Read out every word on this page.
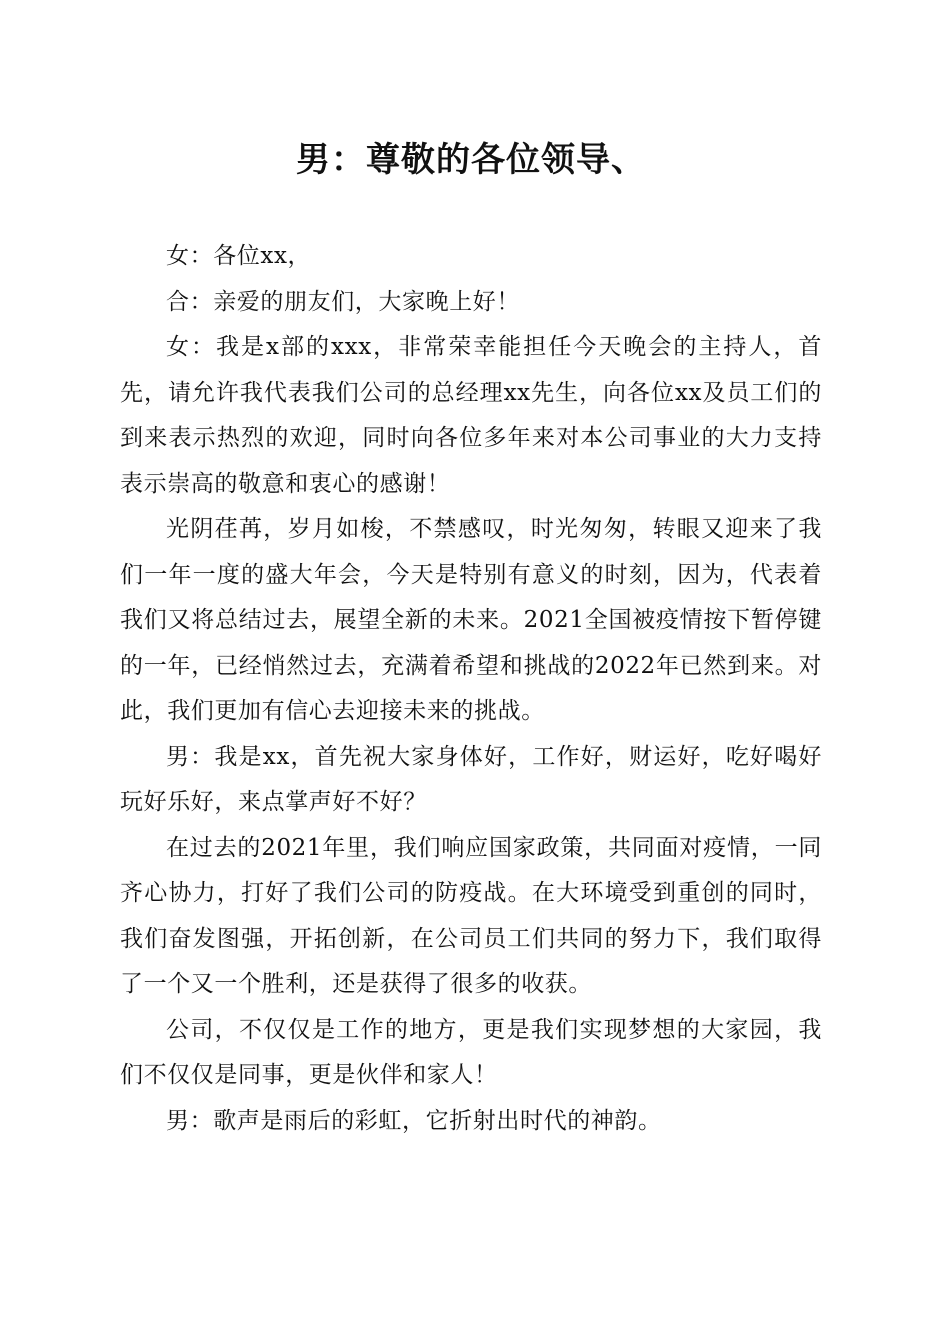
男：尊敬的各位领导、

女：各位xx，

合：亲爱的朋友们，大家晚上好！

女：我是x部的xxx，非常荣幸能担任今天晚会的主持人，首先，请允许我代表我们公司的总经理xx先生，向各位xx及员工们的到来表示热烈的欢迎，同时向各位多年来对本公司事业的大力支持表示崇高的敬意和衷心的感谢！

光阴荏苒，岁月如梭，不禁感叹，时光匆匆，转眼又迎来了我们一年一度的盛大年会，今天是特别有意义的时刻，因为，代表着我们又将总结过去，展望全新的未来。2021全国被疫情按下暂停键的一年，已经悄然过去，充满着希望和挑战的2022年已然到来。对此，我们更加有信心去迎接未来的挑战。

男：我是xx，首先祝大家身体好，工作好，财运好，吃好喝好玩好乐好，来点掌声好不好？

在过去的2021年里，我们响应国家政策，共同面对疫情，一同齐心协力，打好了我们公司的防疫战。在大环境受到重创的同时，我们奋发图强，开拓创新，在公司员工们共同的努力下，我们取得了一个又一个胜利，还是获得了很多的收获。

公司，不仅仅是工作的地方，更是我们实现梦想的大家园，我们不仅仅是同事，更是伙伴和家人！

男：歌声是雨后的彩虹，它折射出时代的神韵。
